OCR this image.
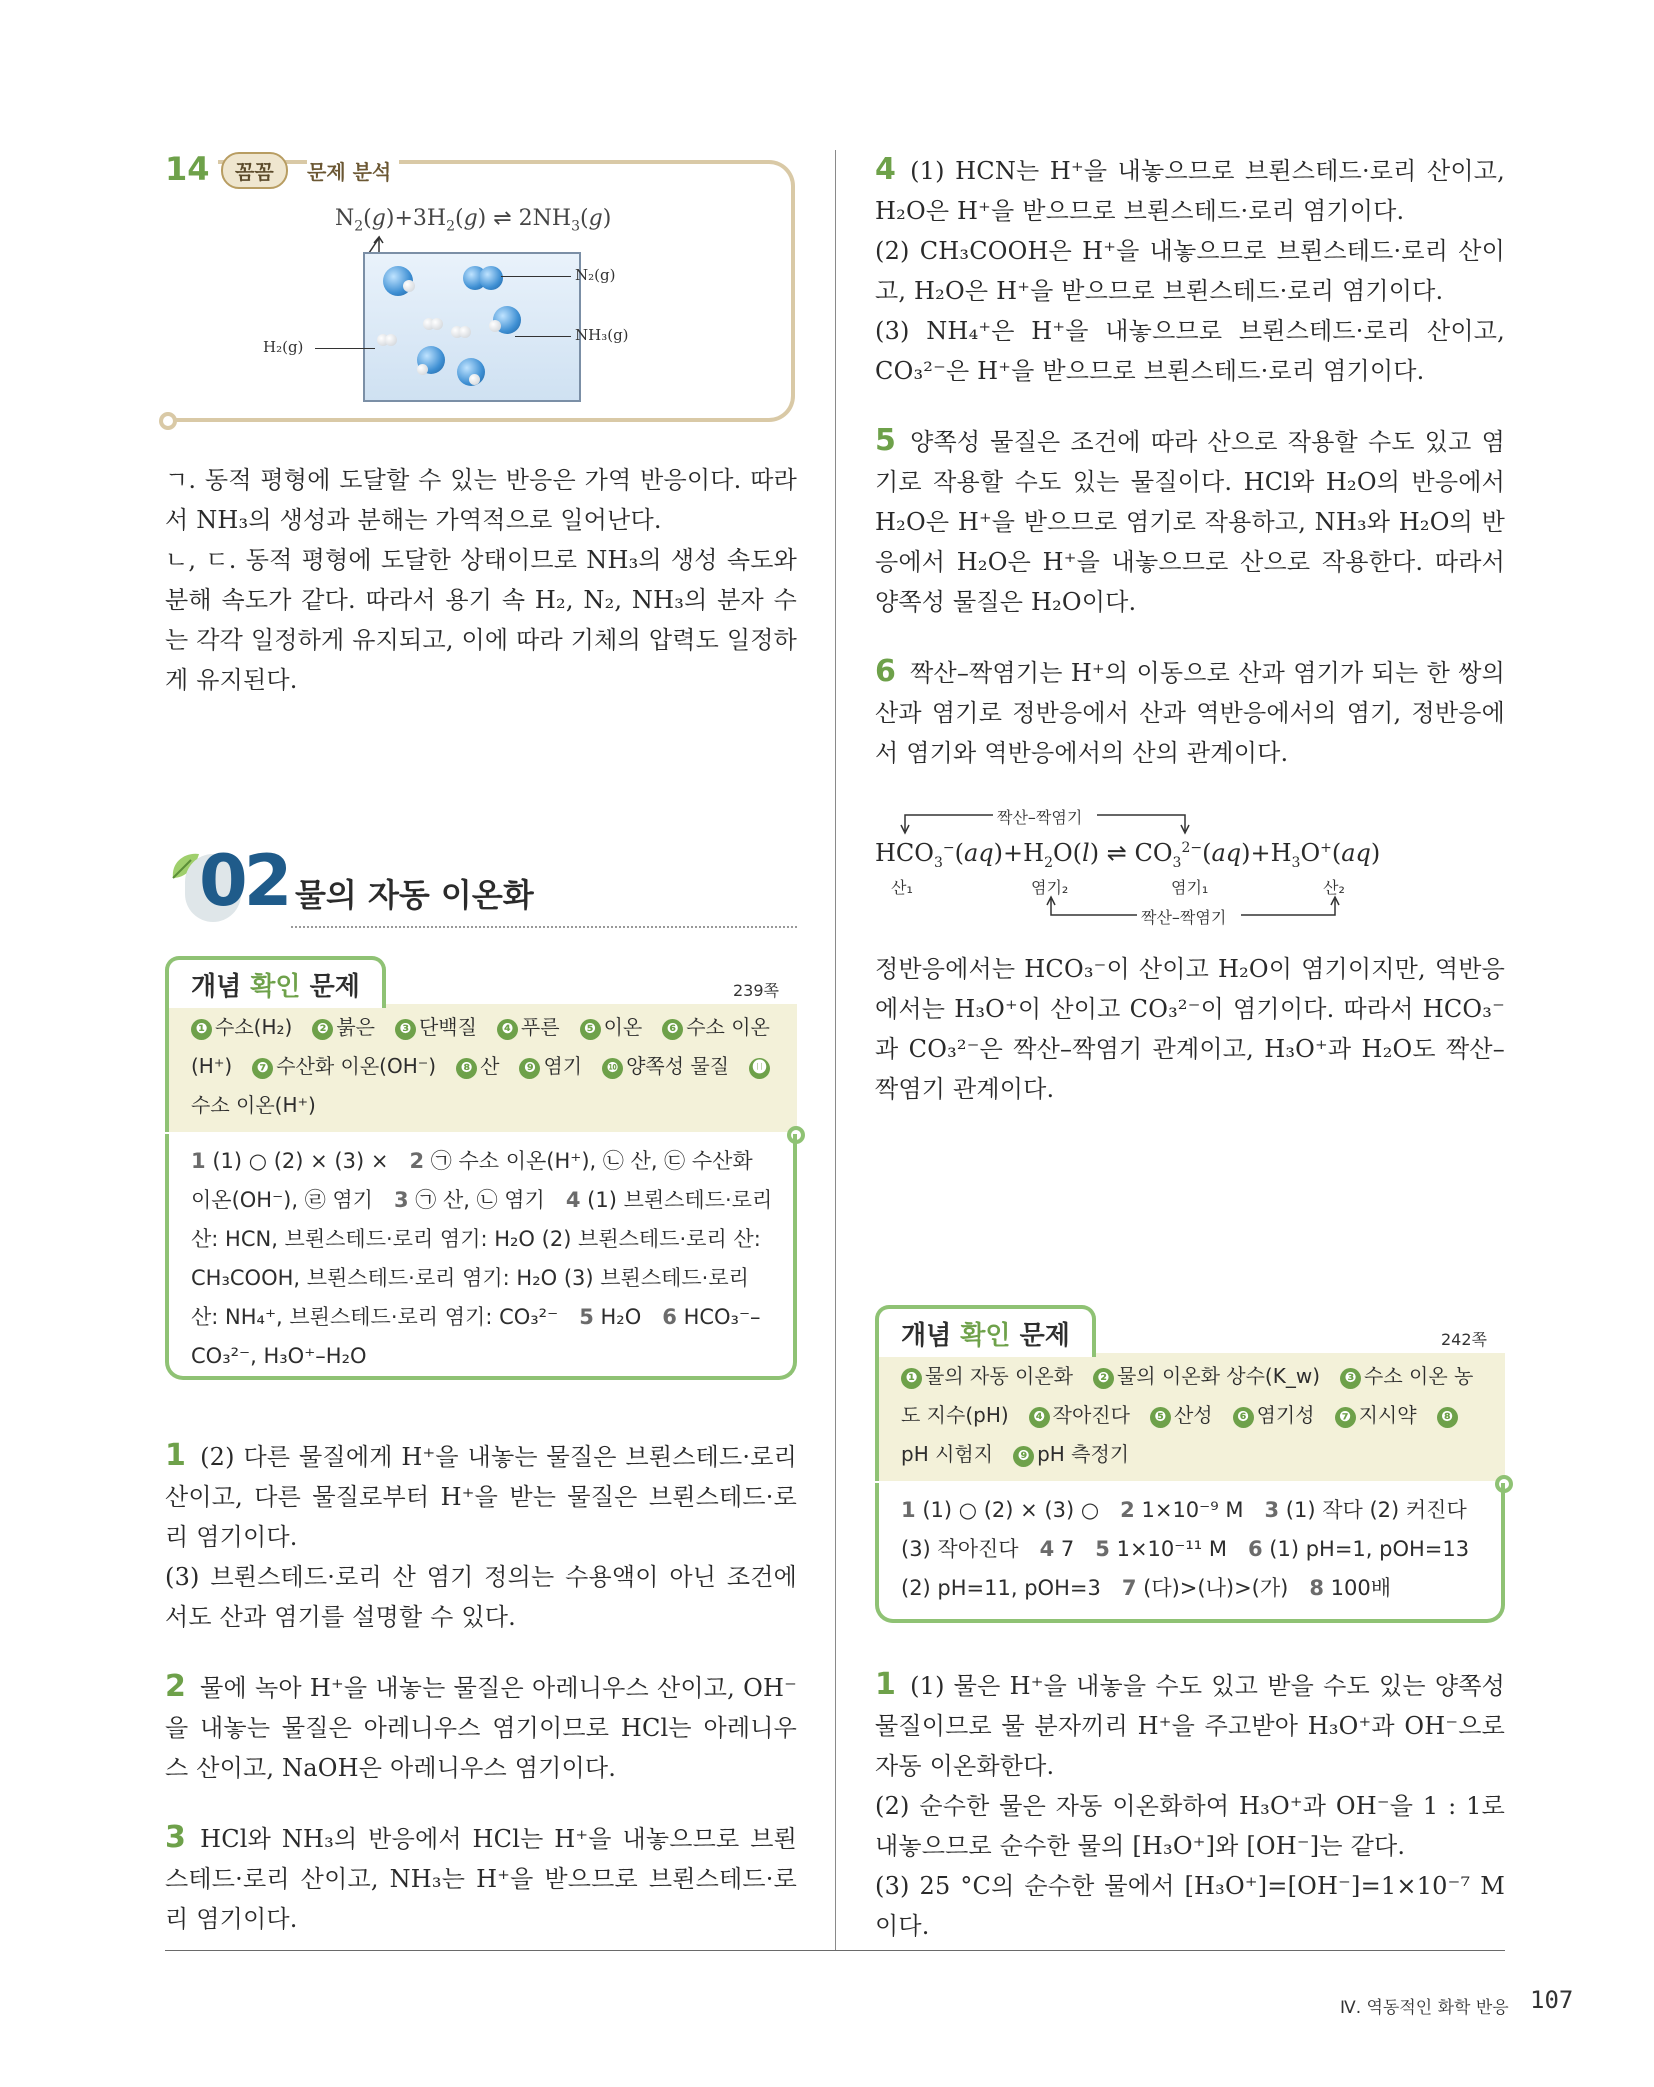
14	꼼꼼	문제 분석
$N_2(g)+3H_2(g)$ ⇌ $2NH_3(g)$
N₂(g)
NH₃(g)
H₂(g)

ㄱ. 동적 평형에 도달할 수 있는 반응은 가역 반응이다. 따라서 NH₃의 생성과 분해는 가역적으로 일어난다.

ㄴ, ㄷ. 동적 평형에 도달한 상태이므로 NH₃의 생성 속도와 분해 속도가 같다. 따라서 용기 속 H₂, N₂, NH₃의 분자 수는 각각 일정하게 유지되고, 이에 따라 기체의 압력도 일정하게 유지된다.

02 물의 자동 이온화
개념 확인 문제	239쪽
❶ 수소(H₂)  ❷ 붉은  ❸ 단백질  ❹ 푸른  ❺ 이온  ❻ 수소 이온(H⁺)  ❼ 수산화 이온(OH⁻)  ❽ 산  ❾ 염기  ❿ 양쪽성 물질  ⓫수소 이온(H⁺) 
1 (1) ○ (2) × (3) ×  2 ㉠ 수소 이온(H⁺), ㉡ 산, ㉢ 수산화 이온(OH⁻), ㉣ 염기  3 ㉠ 산, ㉡ 염기  4 (1) 브뢴스테드·로리 산: HCN, 브뢴스테드·로리 염기: H₂O (2) 브뢴스테드·로리 산: CH₃COOH, 브뢴스테드·로리 염기: H₂O (3) 브뢴스테드·로리 산: NH₄⁺, 브뢴스테드·로리 염기: CO₃²⁻  5 H₂O  6 HCO₃⁻–CO₃²⁻, H₃O⁺–H₂O 

1 (2) 다른 물질에게 H⁺을 내놓는 물질은 브뢴스테드·로리 산이고, 다른 물질로부터 H⁺을 받는 물질은 브뢴스테드·로리 염기이다.

(3) 브뢴스테드·로리 산 염기 정의는 수용액이 아닌 조건에서도 산과 염기를 설명할 수 있다.

2 물에 녹아 H⁺을 내놓는 물질은 아레니우스 산이고, OH⁻을 내놓는 물질은 아레니우스 염기이므로 HCl는 아레니우스 산이고, NaOH은 아레니우스 염기이다.

3 HCl와 NH₃의 반응에서 HCl는 H⁺을 내놓으므로 브뢴스테드·로리 산이고, NH₃는 H⁺을 받으므로 브뢴스테드·로리 염기이다.

4 (1) HCN는 H⁺을 내놓으므로 브뢴스테드·로리 산이고, H₂O은 H⁺을 받으므로 브뢴스테드·로리 염기이다.

(2) CH₃COOH은 H⁺을 내놓으므로 브뢴스테드·로리 산이고, H₂O은 H⁺을 받으므로 브뢴스테드·로리 염기이다.

(3) NH₄⁺은 H⁺을 내놓으므로 브뢴스테드·로리 산이고, CO₃²⁻은 H⁺을 받으므로 브뢴스테드·로리 염기이다.

5 양쪽성 물질은 조건에 따라 산으로 작용할 수도 있고 염기로 작용할 수도 있는 물질이다. HCl와 H₂O의 반응에서 H₂O은 H⁺을 받으므로 염기로 작용하고, NH₃와 H₂O의 반응에서 H₂O은 H⁺을 내놓으므로 산으로 작용한다. 따라서 양쪽성 물질은 H₂O이다.

6 짝산–짝염기는 H⁺의 이동으로 산과 염기가 되는 한 쌍의 산과 염기로 정반응에서 산과 역반응에서의 염기, 정반응에서 염기와 역반응에서의 산의 관계이다.

짝산–짝염기
$HCO_3^-(aq)+H_2O(l)$ ⇌ $CO_3^{2-}(aq)+H_3O^+(aq)$
산₁	염기₂	염기₁	산₂
짝산–짝염기

정반응에서는 HCO₃⁻이 산이고 H₂O이 염기이지만, 역반응에서는 H₃O⁺이 산이고 CO₃²⁻이 염기이다. 따라서 HCO₃⁻과 CO₃²⁻은 짝산–짝염기 관계이고, H₃O⁺과 H₂O도 짝산–짝염기 관계이다.

개념 확인 문제	242쪽
❶ 물의 자동 이온화  ❷ 물의 이온화 상수(K_w)  ❸ 수소 이온 농도 지수(pH)  ❹ 작아진다  ❺ 산성  ❻ 염기성  ❼ 지시약  ❽pH 시험지  ❾ pH 측정기 
1 (1) ○ (2) × (3) ○  2 1×10⁻⁹ M  3 (1) 작다 (2) 커진다 (3) 작아진다  4 7  5 1×10⁻¹¹ M  6 (1) pH=1, pOH=13 (2) pH=11, pOH=3  7 (다)>(나)>(가)  8 100배 

1 (1) 물은 H⁺을 내놓을 수도 있고 받을 수도 있는 양쪽성 물질이므로 물 분자끼리 H⁺을 주고받아 H₃O⁺과 OH⁻으로 자동 이온화한다.

(2) 순수한 물은 자동 이온화하여 H₃O⁺과 OH⁻을 1 : 1로 내놓으므로 순수한 물의 [H₃O⁺]와 [OH⁻]는 같다.

(3) 25 °C의 순수한 물에서 [H₃O⁺]=[OH⁻]=1×10⁻⁷ M이다.

Ⅳ. 역동적인 화학 반응 107
